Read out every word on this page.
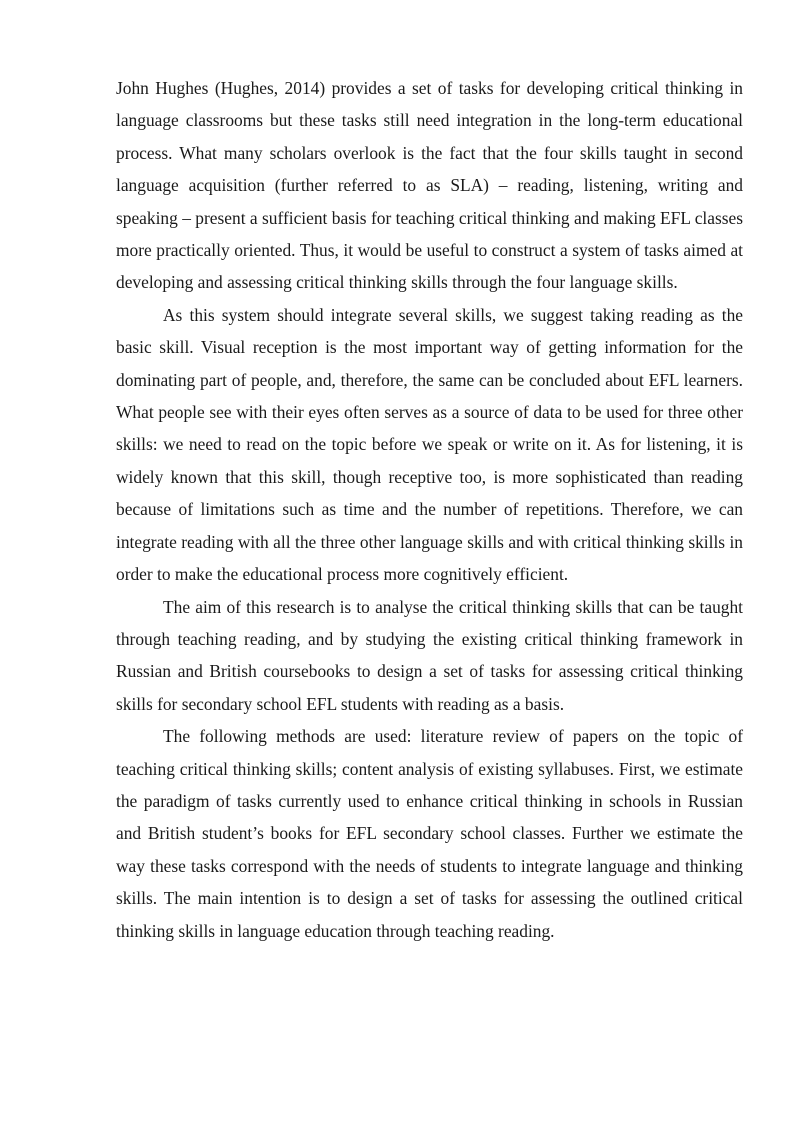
John Hughes (Hughes, 2014) provides a set of tasks for developing critical thinking in language classrooms but these tasks still need integration in the long-term educational process. What many scholars overlook is the fact that the four skills taught in second language acquisition (further referred to as SLA) – reading, listening, writing and speaking – present a sufficient basis for teaching critical thinking and making EFL classes more practically oriented. Thus, it would be useful to construct a system of tasks aimed at developing and assessing critical thinking skills through the four language skills.

As this system should integrate several skills, we suggest taking reading as the basic skill. Visual reception is the most important way of getting information for the dominating part of people, and, therefore, the same can be concluded about EFL learners. What people see with their eyes often serves as a source of data to be used for three other skills: we need to read on the topic before we speak or write on it. As for listening, it is widely known that this skill, though receptive too, is more sophisticated than reading because of limitations such as time and the number of repetitions. Therefore, we can integrate reading with all the three other language skills and with critical thinking skills in order to make the educational process more cognitively efficient.

The aim of this research is to analyse the critical thinking skills that can be taught through teaching reading, and by studying the existing critical thinking framework in Russian and British coursebooks to design a set of tasks for assessing critical thinking skills for secondary school EFL students with reading as a basis.

The following methods are used: literature review of papers on the topic of teaching critical thinking skills; content analysis of existing syllabuses. First, we estimate the paradigm of tasks currently used to enhance critical thinking in schools in Russian and British student’s books for EFL secondary school classes. Further we estimate the way these tasks correspond with the needs of students to integrate language and thinking skills. The main intention is to design a set of tasks for assessing the outlined critical thinking skills in language education through teaching reading.
